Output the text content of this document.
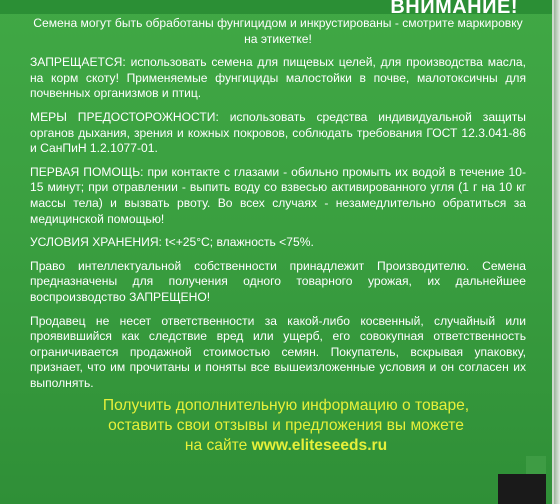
ВНИМАНИЕ!

Семена могут быть обработаны фунгицидом и инкрустированы - смотрите маркировку на этикетке!

ЗАПРЕЩАЕТСЯ: использовать семена для пищевых целей, для производства масла, на корм скоту! Применяемые фунгициды малостойки в почве, малотоксичны для почвенных организмов и птиц.

МЕРЫ ПРЕДОСТОРОЖНОСТИ: использовать средства индивидуальной защиты органов дыхания, зрения и кожных покровов, соблюдать требования ГОСТ 12.3.041-86 и СанПиН 1.2.1077-01.

ПЕРВАЯ ПОМОЩЬ: при контакте с глазами - обильно промыть их водой в течение 10-15 минут; при отравлении - выпить воду со взвесью активированного угля (1 г на 10 кг массы тела) и вызвать рвоту. Во всех случаях - незамедлительно обратиться за медицинской помощью!

УСЛОВИЯ ХРАНЕНИЯ: t<+25°С; влажность <75%.

Право интеллектуальной собственности принадлежит Производителю. Семена предназначены для получения одного товарного урожая, их дальнейшее воспроизводство ЗАПРЕЩЕНО!

Продавец не несет ответственности за какой-либо косвенный, случайный или проявившийся как следствие вред или ущерб, его совокупная ответственность ограничивается продажной стоимостью семян. Покупатель, вскрывая упаковку, признает, что им прочитаны и поняты все вышеизложенные условия и он согласен их выполнять.

Получить дополнительную информацию о товаре,
оставить свои отзывы и предложения вы можете
на сайте www.eliteseeds.ru
